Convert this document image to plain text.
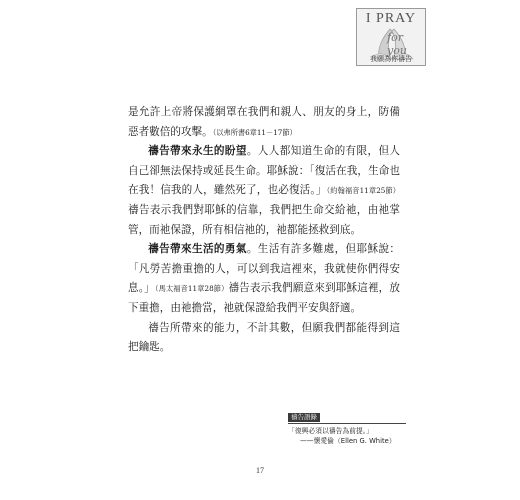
I PRAY
for you
我願為你禱告

是允許上帝將保護網罩在我們和親人、朋友的身上，防備惡者數倍的攻擊。（以弗所書6章11－17節）

禱告帶來永生的盼望。人人都知道生命的有限，但人自己卻無法保持或延長生命。耶穌說：「復活在我，生命也在我！信我的人，雖然死了，也必復活。」（約翰福音11章25節）禱告表示我們對耶穌的信靠，我們把生命交給祂，由祂掌管，而祂保證，所有相信祂的，祂都能拯救到底。

禱告帶來生活的勇氣。生活有許多難處，但耶穌說：「凡勞苦擔重擔的人，可以到我這裡來，我就使你們得安息。」（馬太福音11章28節）禱告表示我們願意來到耶穌這裡，放下重擔，由祂擔當，祂就保證給我們平安與舒適。

禱告所帶來的能力，不計其數，但願我們都能得到這把鑰匙。

禱告語錄
「復興必須以禱告為前提。」
——懷愛倫（Ellen G. White）
17
